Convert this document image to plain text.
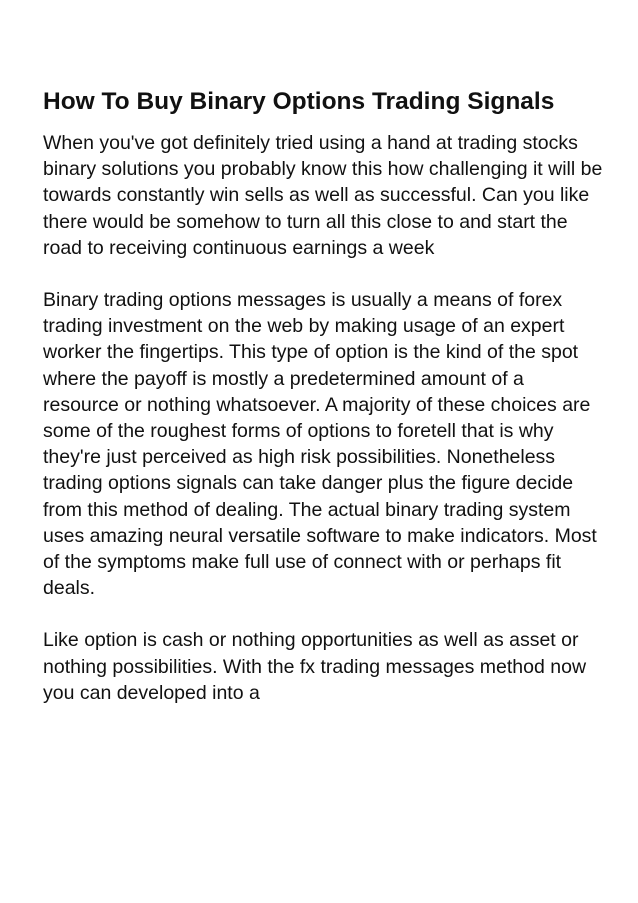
How To Buy Binary Options Trading Signals

When you've got definitely tried using a hand at trading stocks binary solutions you probably know this how challenging it will be towards constantly win sells as well as successful. Can you like there would be somehow to turn all this close to and start the road to receiving continuous earnings a week

Binary trading options messages is usually a means of forex trading investment on the web by making usage of an expert worker the fingertips. This type of option is the kind of the spot where the payoff is mostly a predetermined amount of a resource or nothing whatsoever. A majority of these choices are some of the roughest forms of options to foretell that is why they're just perceived as high risk possibilities. Nonetheless trading options signals can take danger plus the figure decide from this method of dealing. The actual binary trading system uses amazing neural versatile software to make indicators. Most of the symptoms make full use of connect with or perhaps fit deals.

Like option is cash or nothing opportunities as well as asset or nothing possibilities. With the fx trading messages method now you can developed into a
